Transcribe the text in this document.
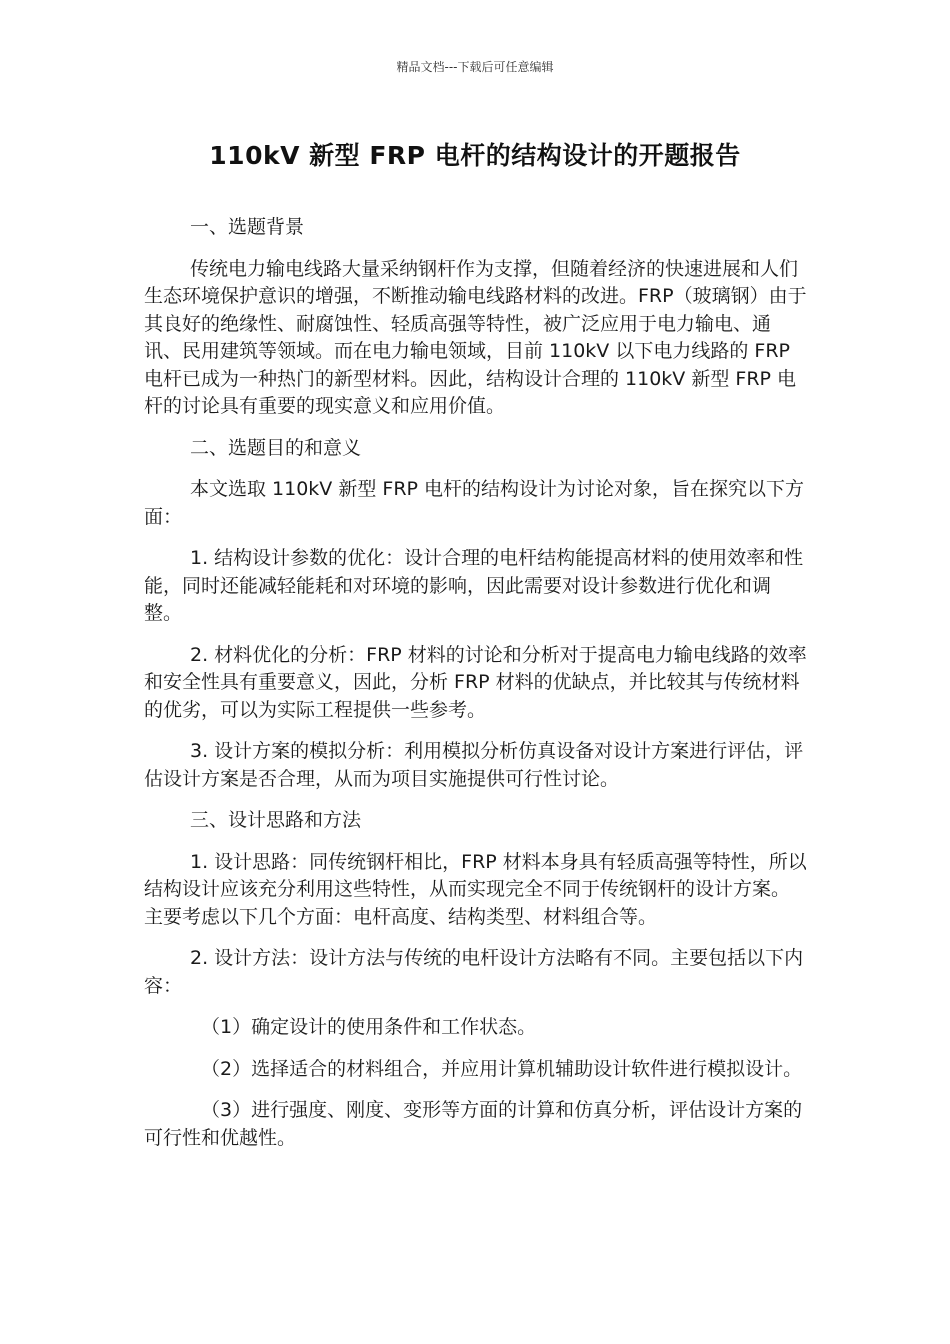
精品文档---下载后可任意编辑
110kV 新型 FRP 电杆的结构设计的开题报告

一、选题背景

传统电力输电线路大量采纳钢杆作为支撑，但随着经济的快速进展和人们生态环境保护意识的增强，不断推动输电线路材料的改进。FRP（玻璃钢）由于其良好的绝缘性、耐腐蚀性、轻质高强等特性，被广泛应用于电力输电、通讯、民用建筑等领域。而在电力输电领域，目前 110kV 以下电力线路的 FRP 电杆已成为一种热门的新型材料。因此，结构设计合理的 110kV 新型 FRP 电杆的讨论具有重要的现实意义和应用价值。

二、选题目的和意义

本文选取 110kV 新型 FRP 电杆的结构设计为讨论对象，旨在探究以下方面：

1. 结构设计参数的优化：设计合理的电杆结构能提高材料的使用效率和性能，同时还能减轻能耗和对环境的影响，因此需要对设计参数进行优化和调整。

2. 材料优化的分析：FRP 材料的讨论和分析对于提高电力输电线路的效率和安全性具有重要意义，因此，分析 FRP 材料的优缺点，并比较其与传统材料的优劣，可以为实际工程提供一些参考。

3. 设计方案的模拟分析：利用模拟分析仿真设备对设计方案进行评估，评估设计方案是否合理，从而为项目实施提供可行性讨论。

三、设计思路和方法

1. 设计思路：同传统钢杆相比，FRP 材料本身具有轻质高强等特性，所以结构设计应该充分利用这些特性，从而实现完全不同于传统钢杆的设计方案。主要考虑以下几个方面：电杆高度、结构类型、材料组合等。

2. 设计方法：设计方法与传统的电杆设计方法略有不同。主要包括以下内容：

（1）确定设计的使用条件和工作状态。

（2）选择适合的材料组合，并应用计算机辅助设计软件进行模拟设计。

（3）进行强度、刚度、变形等方面的计算和仿真分析，评估设计方案的可行性和优越性。
